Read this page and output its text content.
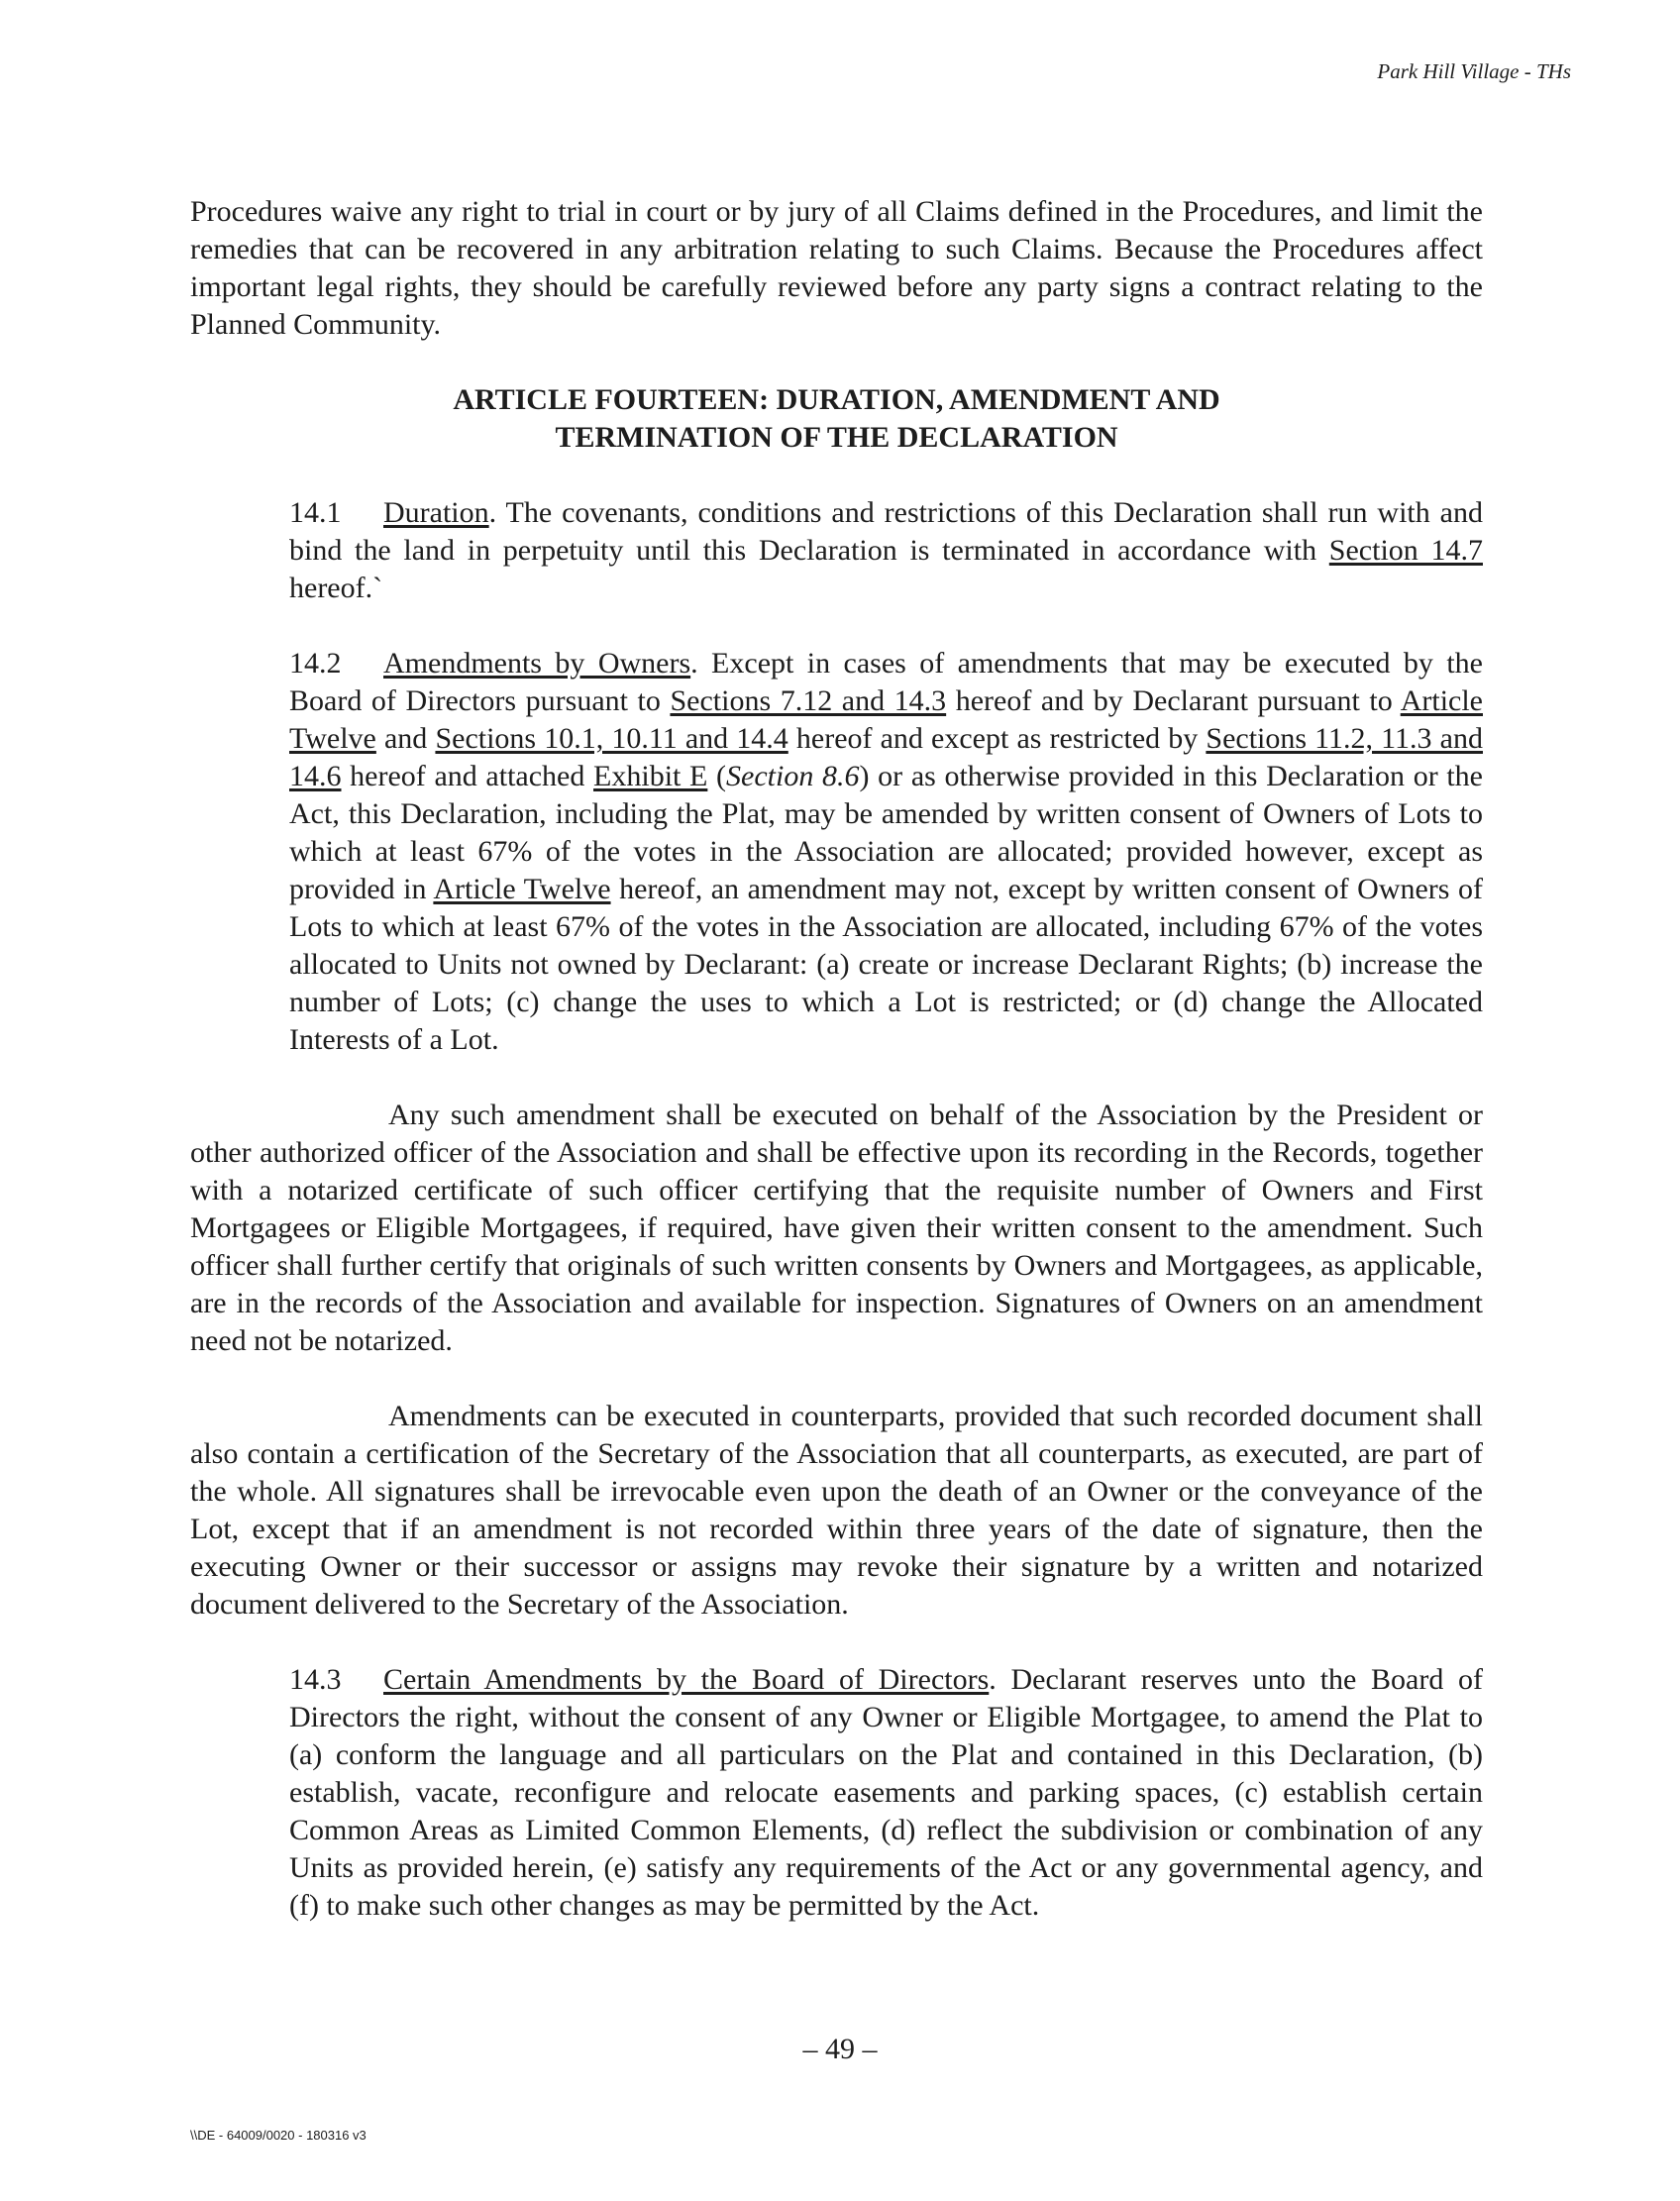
Park Hill Village - THs

Procedures waive any right to trial in court or by jury of all Claims defined in the Procedures, and limit the remedies that can be recovered in any arbitration relating to such Claims. Because the Procedures affect important legal rights, they should be carefully reviewed before any party signs a contract relating to the Planned Community.

ARTICLE FOURTEEN: DURATION, AMENDMENT AND
TERMINATION OF THE DECLARATION

14.1 Duration. The covenants, conditions and restrictions of this Declaration shall run with and bind the land in perpetuity until this Declaration is terminated in accordance with Section 14.7 hereof.`

14.2 Amendments by Owners. Except in cases of amendments that may be executed by the Board of Directors pursuant to Sections 7.12 and 14.3 hereof and by Declarant pursuant to Article Twelve and Sections 10.1, 10.11 and 14.4 hereof and except as restricted by Sections 11.2, 11.3 and 14.6 hereof and attached Exhibit E (Section 8.6) or as otherwise provided in this Declaration or the Act, this Declaration, including the Plat, may be amended by written consent of Owners of Lots to which at least 67% of the votes in the Association are allocated; provided however, except as provided in Article Twelve hereof, an amendment may not, except by written consent of Owners of Lots to which at least 67% of the votes in the Association are allocated, including 67% of the votes allocated to Units not owned by Declarant: (a) create or increase Declarant Rights; (b) increase the number of Lots; (c) change the uses to which a Lot is restricted; or (d) change the Allocated Interests of a Lot.

Any such amendment shall be executed on behalf of the Association by the President or other authorized officer of the Association and shall be effective upon its recording in the Records, together with a notarized certificate of such officer certifying that the requisite number of Owners and First Mortgagees or Eligible Mortgagees, if required, have given their written consent to the amendment. Such officer shall further certify that originals of such written consents by Owners and Mortgagees, as applicable, are in the records of the Association and available for inspection. Signatures of Owners on an amendment need not be notarized.

Amendments can be executed in counterparts, provided that such recorded document shall also contain a certification of the Secretary of the Association that all counterparts, as executed, are part of the whole. All signatures shall be irrevocable even upon the death of an Owner or the conveyance of the Lot, except that if an amendment is not recorded within three years of the date of signature, then the executing Owner or their successor or assigns may revoke their signature by a written and notarized document delivered to the Secretary of the Association.

14.3 Certain Amendments by the Board of Directors. Declarant reserves unto the Board of Directors the right, without the consent of any Owner or Eligible Mortgagee, to amend the Plat to (a) conform the language and all particulars on the Plat and contained in this Declaration, (b) establish, vacate, reconfigure and relocate easements and parking spaces, (c) establish certain Common Areas as Limited Common Elements, (d) reflect the subdivision or combination of any Units as provided herein, (e) satisfy any requirements of the Act or any governmental agency, and (f) to make such other changes as may be permitted by the Act.

– 49 –
\\DE - 64009/0020 - 180316 v3
